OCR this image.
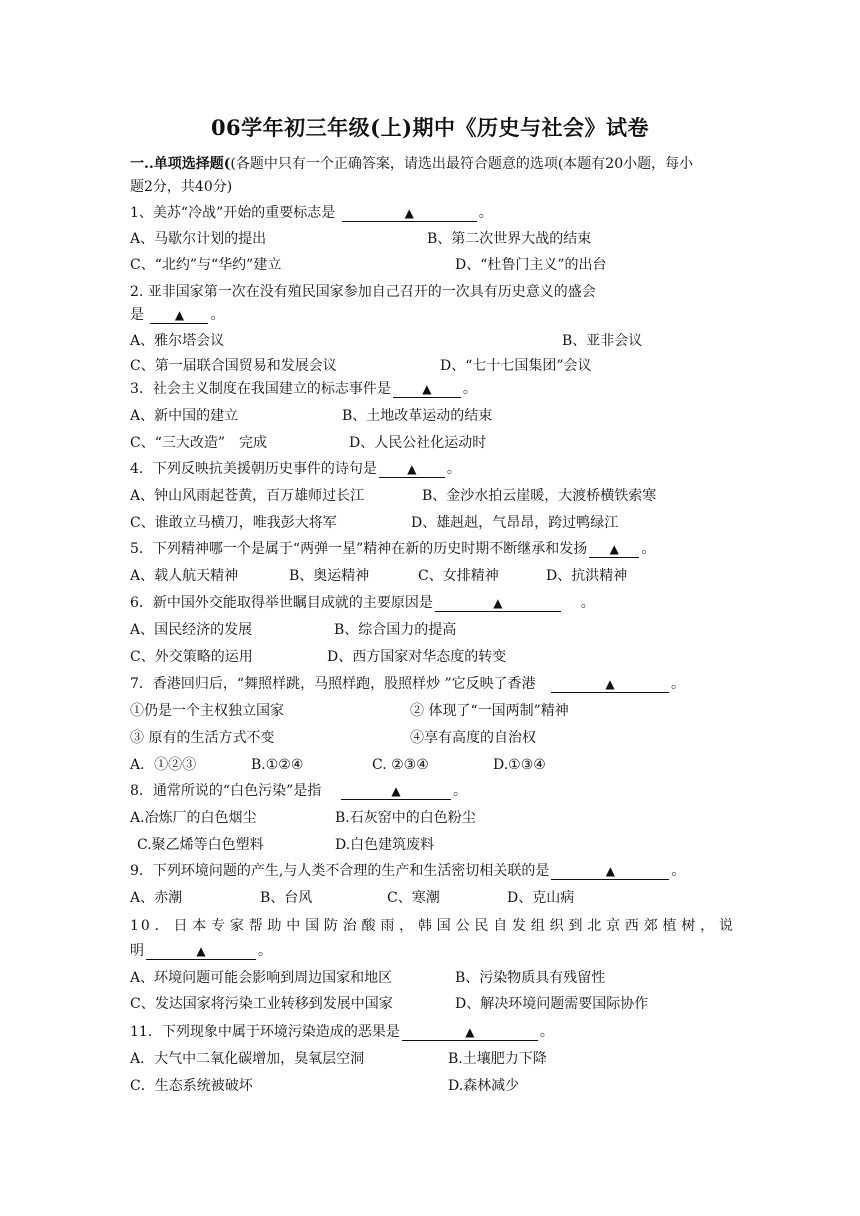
06学年初三年级(上)期中《历史与社会》试卷
一..单项选择题((各题中只有一个正确答案，请选出最符合题意的选项(本题有20小题，每小
题2分，共40分)
1、美苏“冷战”开始的重要标志是	▲	。
A、马歇尔计划的提出	B、第二次世界大战的结束
C、“北约”与“华约”建立	D、“杜鲁门主义”的出台
2. 亚非国家第一次在没有殖民国家参加自己召开的一次具有历史意义的盛会
是	▲ 。
A、雅尔塔会议	B、亚非会议
C、第一届联合国贸易和发展会议	D、“七十七国集团”会议
3．社会主义制度在我国建立的标志事件是	▲ 。
A、新中国的建立	B、土地改革运动的结束
C、“三大改造”　完成	D、人民公社化运动时
4．下列反映抗美援朝历史事件的诗句是	▲ 。
A、钟山风雨起苍黄，百万雄师过长江	B、金沙水拍云崖暖，大渡桥横铁索寒
C、谁敢立马横刀，唯我彭大将军	D、雄赳赳，气昂昂，跨过鸭绿江
5．下列精神哪一个是属于“两弹一星”精神在新的历史时期不断继承和发扬 ▲ 。
A、载人航天精神	B、奥运精神	C、女排精神	D、抗洪精神
6．新中国外交能取得举世瞩目成就的主要原因是	▲	。
A、国民经济的发展	B、综合国力的提高
C、外交策略的运用	D、西方国家对华态度的转变
7．香港回归后，“舞照样跳，马照样跑，股照样炒 ”它反映了香港	▲	。
①仍是一个主权独立国家	② 体现了“一国两制”精神
③ 原有的生活方式不变	④享有高度的自治权
A．①②③	B.①②④	C. ②③④	D.①③④
8．通常所说的“白色污染”是指	▲	。
A.冶炼厂的白色烟尘	B.石灰窑中的白色粉尘
C.聚乙烯等白色塑料	D.白色建筑废料
9．下列环境问题的产生,与人类不合理的生产和生活密切相关联的是	▲	。
A、赤潮	B、台风	C、寒潮	D、克山病
10．日本专家帮助中国防治酸雨，韩国公民自发组织到北京西郊植树，说
明	▲	。
A、环境问题可能会影响到周边国家和地区	B、污染物质具有残留性
C、发达国家将污染工业转移到发展中国家	D、解决环境问题需要国际协作
11．下列现象中属于环境污染造成的恶果是	▲	。
A．大气中二氧化碳增加，臭氧层空洞	B.土壤肥力下降
C．生态系统被破坏	D.森林减少
